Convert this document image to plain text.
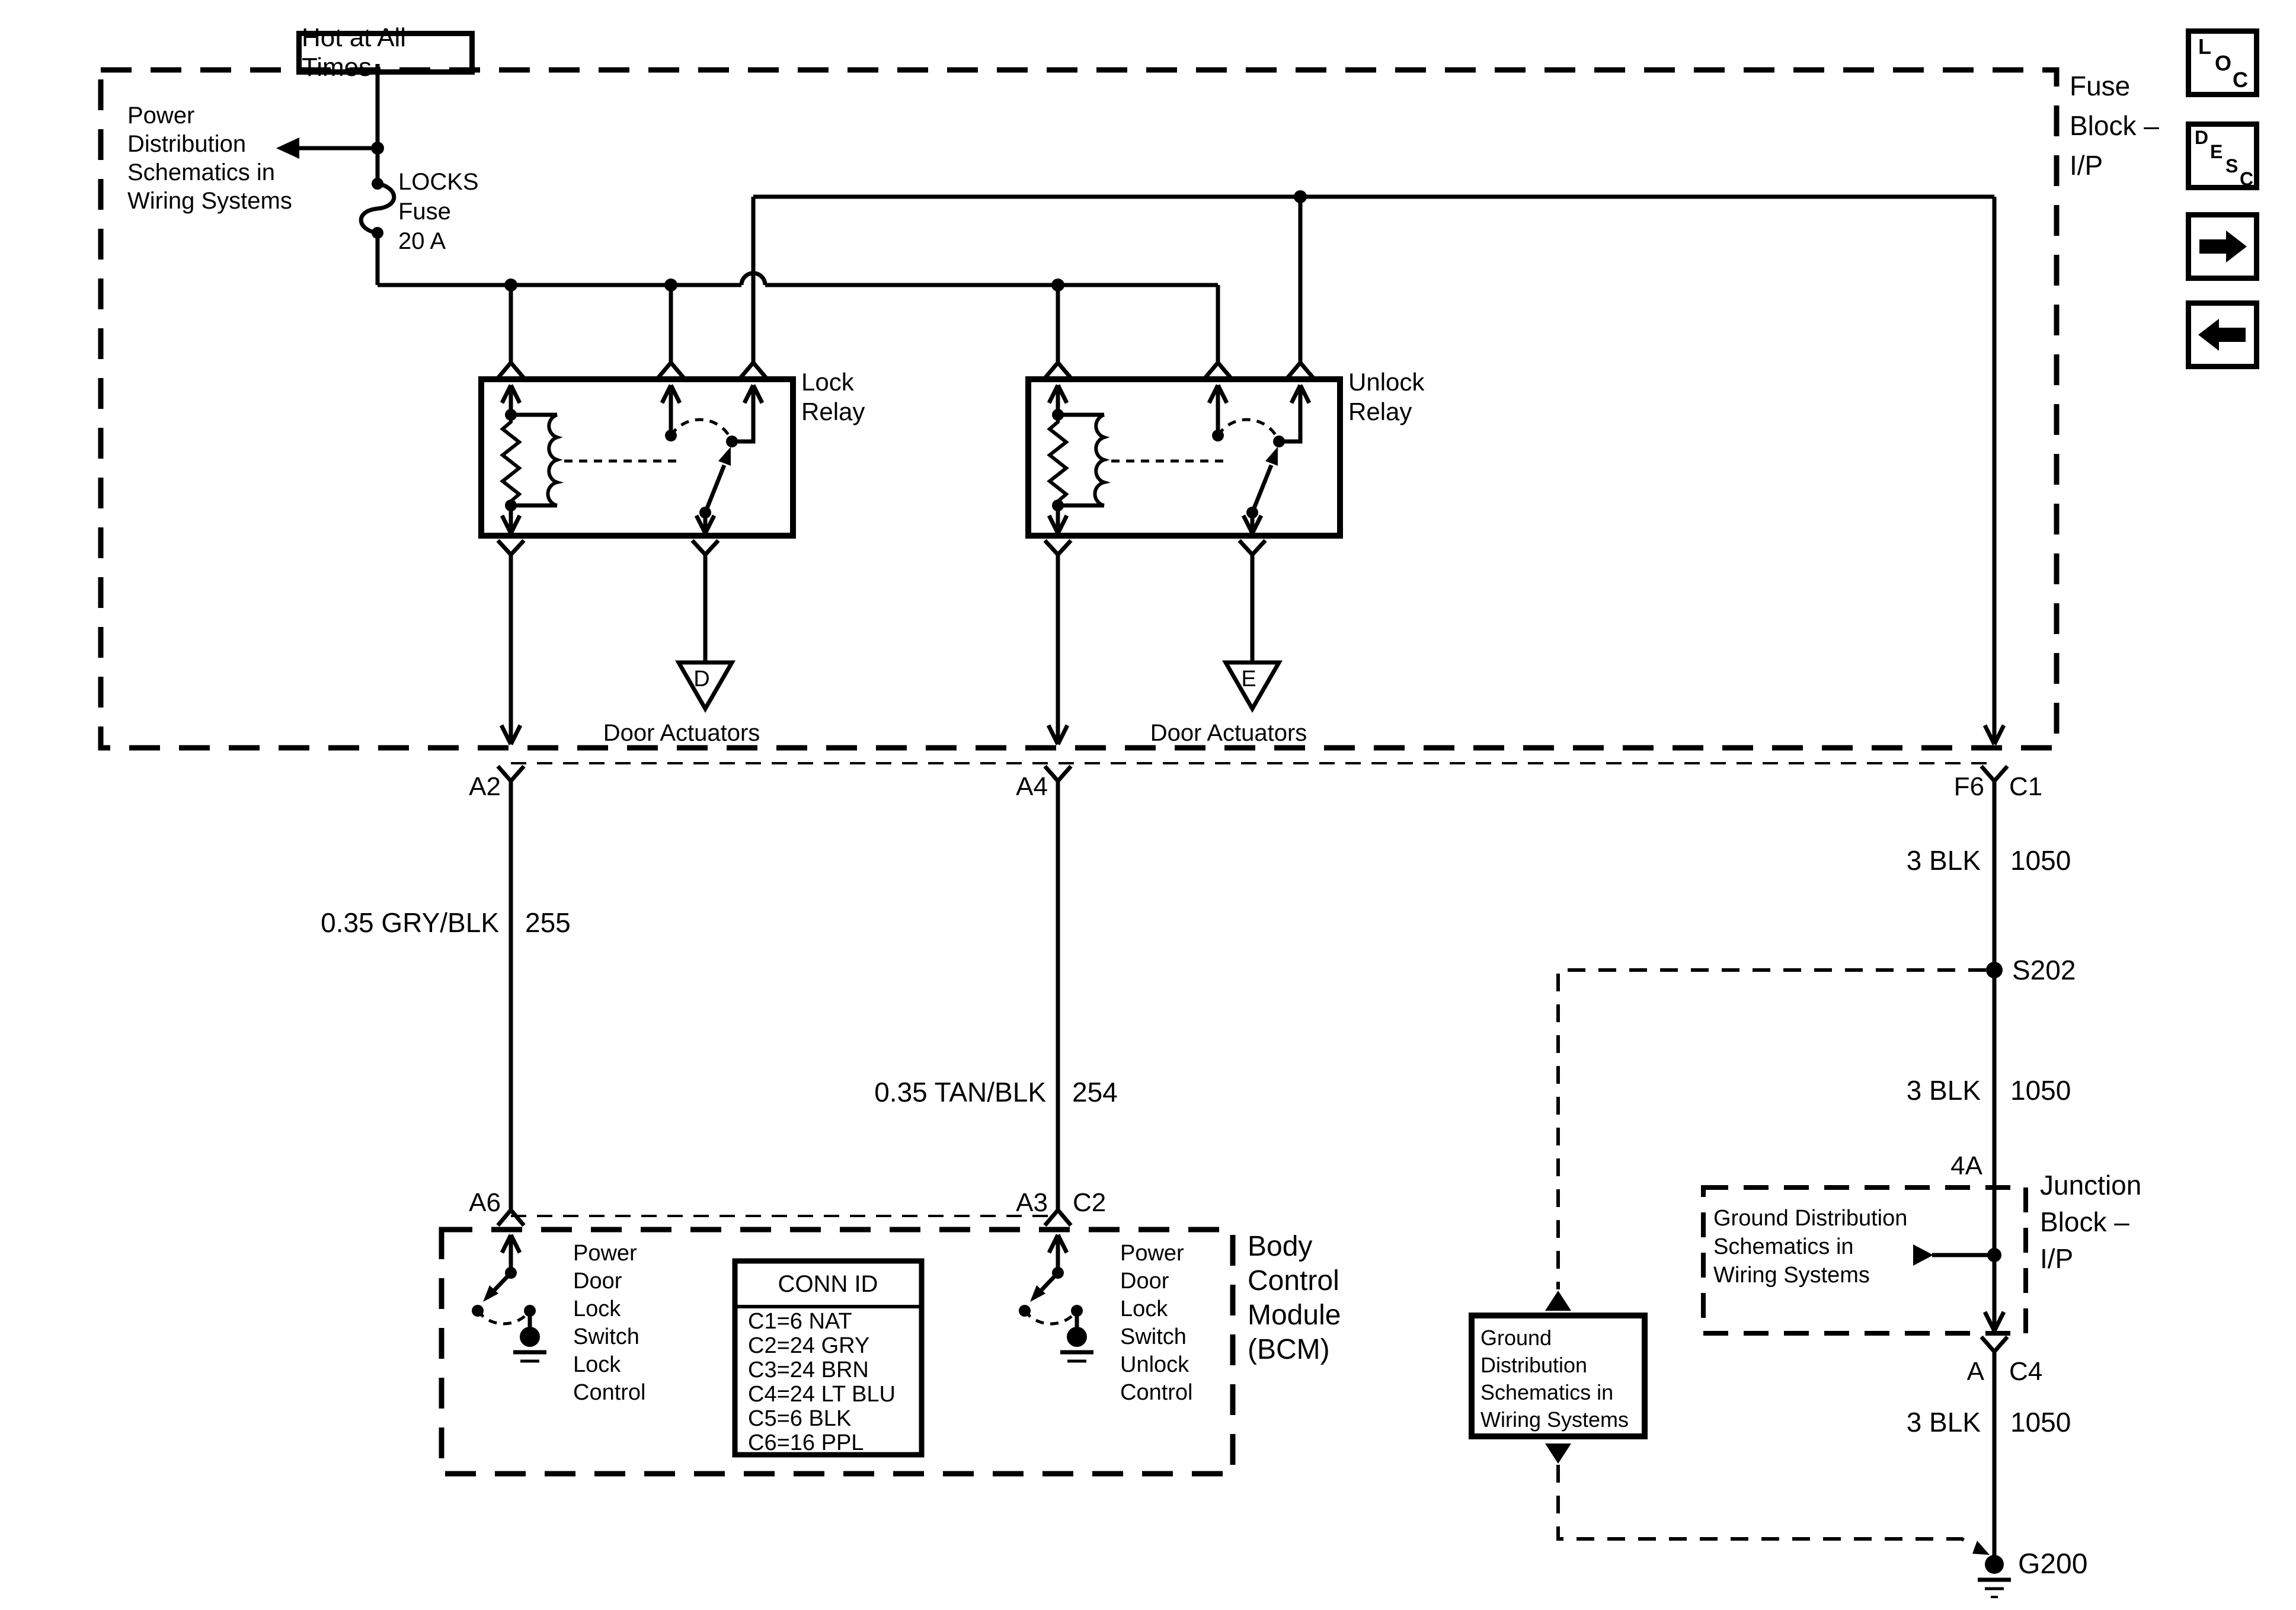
Hot at All Times
Power
Distribution
Schematics in
Wiring Systems
LOCKS
Fuse
20 A
Fuse
Block –
I/P
Lock
Relay
Unlock
Relay
D	E
Door Actuators	Door Actuators
A2	A4	F6 C1
0.35 GRY/BLK 255
0.35 TAN/BLK 254
3 BLK 1050
S202
3 BLK 1050
4A
Junction
Block –
I/P
Ground Distribution
Schematics in
Wiring Systems
A C4
3 BLK 1050
G200
Ground
Distribution
Schematics in
Wiring Systems
A6	A3 C2
Body
Control
Module
(BCM)
Power
Door
Lock
Switch
Lock
Control
Power
Door
Lock
Switch
Unlock
Control
CONN ID
C1=6 NAT
C2=24 GRY
C3=24 BRN
C4=24 LT BLU
C5=6 BLK
C6=16 PPL
L
O
C
D
E
S
C
